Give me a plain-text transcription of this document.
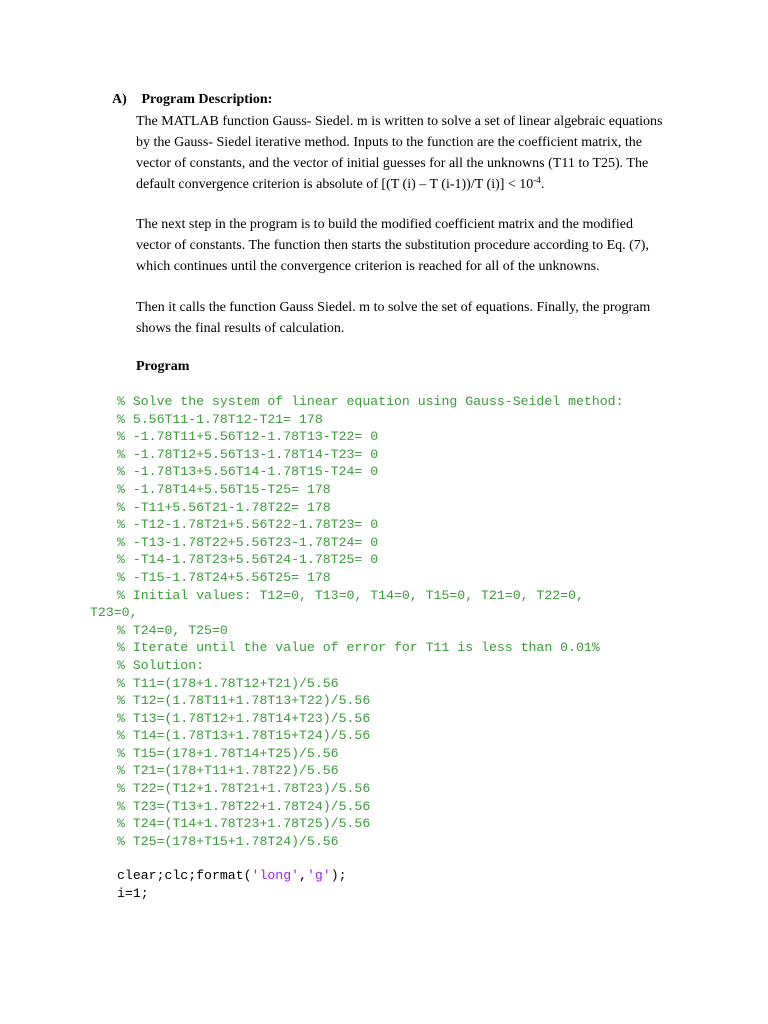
A) Program Description:
The MATLAB function Gauss- Siedel. m is written to solve a set of linear algebraic equations
by the Gauss- Siedel iterative method. Inputs to the function are the coefficient matrix, the
vector of constants, and the vector of initial guesses for all the unknowns (T11 to T25). The
default convergence criterion is absolute of [(T (i) – T (i-1))/T $(i)] < 10^{-4}$.
The next step in the program is to build the modified coefficient matrix and the modified
vector of constants. The function then starts the substitution procedure according to Eq. (7),
which continues until the convergence criterion is reached for all of the unknowns.
Then it calls the function Gauss Siedel. m to solve the set of equations. Finally, the program
shows the final results of calculation.
Program
% Solve the system of linear equation using Gauss-Seidel method:
% 5.56T11-1.78T12-T21= 178
% -1.78T11+5.56T12-1.78T13-T22= 0
% -1.78T12+5.56T13-1.78T14-T23= 0
% -1.78T13+5.56T14-1.78T15-T24= 0
% -1.78T14+5.56T15-T25= 178
% -T11+5.56T21-1.78T22= 178
% -T12-1.78T21+5.56T22-1.78T23= 0
% -T13-1.78T22+5.56T23-1.78T24= 0
% -T14-1.78T23+5.56T24-1.78T25= 0
% -T15-1.78T24+5.56T25= 178
% Initial values: T12=0, T13=0, T14=0, T15=0, T21=0, T22=0,
T23=0,
% T24=0, T25=0
% Iterate until the value of error for T11 is less than 0.01%
% Solution:
% T11=(178+1.78T12+T21)/5.56
% T12=(1.78T11+1.78T13+T22)/5.56
% T13=(1.78T12+1.78T14+T23)/5.56
% T14=(1.78T13+1.78T15+T24)/5.56
% T15=(178+1.78T14+T25)/5.56
% T21=(178+T11+1.78T22)/5.56
% T22=(T12+1.78T21+1.78T23)/5.56
% T23=(T13+1.78T22+1.78T24)/5.56
% T24=(T14+1.78T23+1.78T25)/5.56
% T25=(178+T15+1.78T24)/5.56
clear;clc;format('long','g');
i=1;
